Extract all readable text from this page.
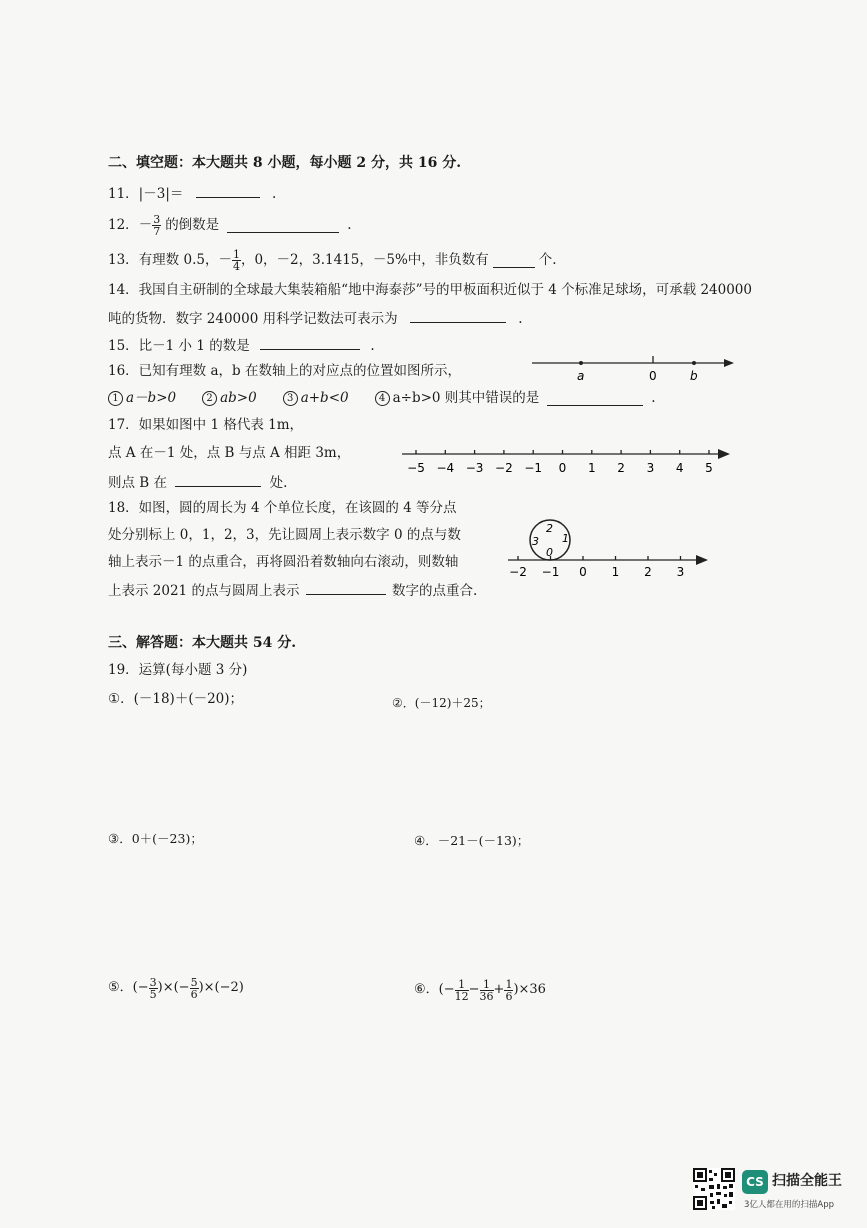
二、填空题：本大题共 8 小题，每小题 2 分，共 16 分.
11．|－3|＝	.
12． － $\frac{3}{7}$ 的倒数是	.
13． 有理数 0.5，－ $\frac{1}{4}$ ，0，－2，3.1415，－5%中，非负数有	个.
14．我国自主研制的全球最大集装箱船“地中海泰莎”号的甲板面积近似于 4 个标准足球场，可承载 240000
吨的货物．数字 240000 用科学记数法可表示为	.
15．比－1 小 1 的数是	.
16．已知有理数 a，b 在数轴上的对应点的位置如图所示，
1 a－b>0	2 ab>0	3 a+b<0	4 a÷b>0 则其中错误的是	.
a	0	b
17．如果如图中 1 格代表 1m，
点 A 在－1 处，点 B 与点 A 相距 3m，
则点 B 在	处.
−5 −4 −3 −2 −1 0 1 2 3 4 5
18．如图，圆的周长为 4 个单位长度，在该圆的 4 等分点
处分别标上 0，1，2，3，先让圆周上表示数字 0 的点与数
轴上表示－1 的点重合，再将圆沿着数轴向右滚动，则数轴
上表示 2021 的点与圆周上表示	数字的点重合.
2
3 1
0
−2 −1 0 1 2 3
三、解答题：本大题共 54 分.
19．运算(每小题 3 分)
①．(－18)＋(－20)；	②．(－12)＋25；
③．0＋(－23)；	④．－21－(－13)；
⑤． (− $\frac{3}{5}$ )×(− $\frac{5}{6}$ ) ×(−2)	⑥． (− $\frac{1}{12} - \frac{1}{36} + \frac{1}{6}$ ) ×36
CS 扫描全能王
3亿人都在用的扫描App
